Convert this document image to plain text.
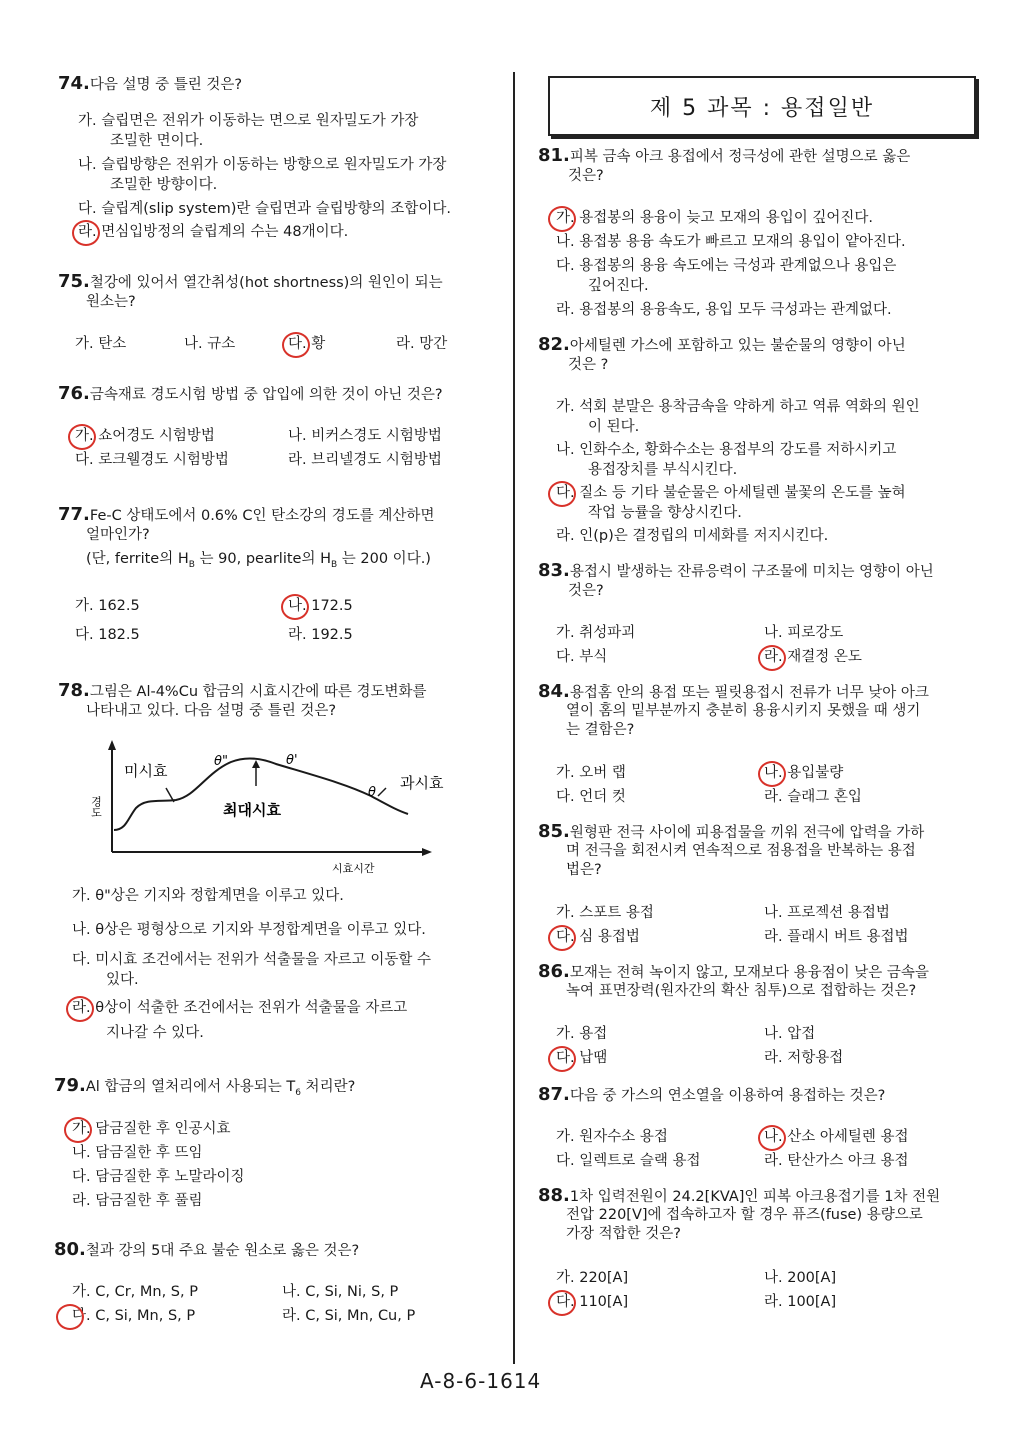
74.다음 설명 중 틀린 것은?
가. 슬립면은 전위가 이동하는 면으로 원자밀도가 가장
조밀한 면이다.
나. 슬립방향은 전위가 이동하는 방향으로 원자밀도가 가장
조밀한 방향이다.
다. 슬립계(slip system)란 슬립면과 슬립방향의 조합이다.
라. 면심입방정의 슬립계의 수는 48개이다.
75.철강에 있어서 열간취성(hot shortness)의 원인이 되는
원소는?
가. 탄소	나. 규소	다. 황	라. 망간
76.금속재료 경도시험 방법 중 압입에 의한 것이 아닌 것은?
가. 쇼어경도 시험방법	나. 비커스경도 시험방법
다. 로크웰경도 시험방법	라. 브리넬경도 시험방법
77.Fe-C 상태도에서 0.6% C인 탄소강의 경도를 계산하면
얼마인가?
(단, ferrite의 $H_B$ 는 90, pearlite의 $H_B$ 는 200 이다.)
가. 162.5	나. 172.5
다. 182.5	라. 192.5
78.그림은 Al-4%Cu 합금의 시효시간에 따른 경도변화를
나타내고 있다. 다음 설명 중 틀린 것은?
미시효
θ"	θ'
최대시효
θ
과시효
경도
시효시간
가. θ"상은 기지와 정합계면을 이루고 있다.
나. θ상은 평형상으로 기지와 부정합계면을 이루고 있다.
다. 미시효 조건에서는 전위가 석출물을 자르고 이동할 수
있다.
라. θ상이 석출한 조건에서는 전위가 석출물을 자르고
지나갈 수 있다.
79.Al 합금의 열처리에서 사용되는 $T_6$ 처리란?
가. 담금질한 후 인공시효
나. 담금질한 후 뜨임
다. 담금질한 후 노말라이징
라. 담금질한 후 풀림
80.철과 강의 5대 주요 불순 원소로 옳은 것은?
가. C, Cr, Mn, S, P	나. C, Si, Ni, S, P
다. C, Si, Mn, S, P	라. C, Si, Mn, Cu, P
제 5 과목 : 용접일반
81.피복 금속 아크 용접에서 정극성에 관한 설명으로 옳은
것은?
가. 용접봉의 용융이 늦고 모재의 용입이 깊어진다.
나. 용접봉 용융 속도가 빠르고 모재의 용입이 얕아진다.
다. 용접봉의 용융 속도에는 극성과 관계없으나 용입은
깊어진다.
라. 용접봉의 용융속도, 용입 모두 극성과는 관계없다.
82.아세틸렌 가스에 포함하고 있는 불순물의 영향이 아닌
것은 ?
가. 석회 분말은 용착금속을 약하게 하고 역류 역화의 원인
이 된다.
나. 인화수소, 황화수소는 용접부의 강도를 저하시키고
용접장치를 부식시킨다.
다. 질소 등 기타 불순물은 아세틸렌 불꽃의 온도를 높혀
작업 능률을 향상시킨다.
라. 인(p)은 결정립의 미세화를 저지시킨다.
83.용접시 발생하는 잔류응력이 구조물에 미치는 영향이 아닌
것은?
가. 취성파괴	나. 피로강도
다. 부식	라. 재결정 온도
84.용접홈 안의 용접 또는 필릿용접시 전류가 너무 낮아 아크
열이 홈의 밑부분까지 충분히 용융시키지 못했을 때 생기
는 결함은?
가. 오버 랩	나. 용입불량
다. 언더 컷	라. 슬래그 혼입
85.원형판 전극 사이에 피용접물을 끼워 전극에 압력을 가하
며 전극을 회전시켜 연속적으로 점용접을 반복하는 용접
법은?
가. 스포트 용접	나. 프로젝션 용접법
다. 심 용접법	라. 플래시 버트 용접법
86.모재는 전혀 녹이지 않고, 모재보다 용융점이 낮은 금속을
녹여 표면장력(원자간의 확산 침투)으로 접합하는 것은?
가. 용접	나. 압접
다. 납땜	라. 저항용접
87.다음 중 가스의 연소열을 이용하여 용접하는 것은?
가. 원자수소 용접	나. 산소 아세틸렌 용접
다. 일렉트로 슬랙 용접	라. 탄산가스 아크 용접
88.1차 입력전원이 24.2[KVA]인 피복 아크용접기를 1차 전원
전압 220[V]에 접속하고자 할 경우 퓨즈(fuse) 용량으로
가장 적합한 것은?
가. 220[A]	나. 200[A]
다. 110[A]	라. 100[A]
A-8-6-1614
